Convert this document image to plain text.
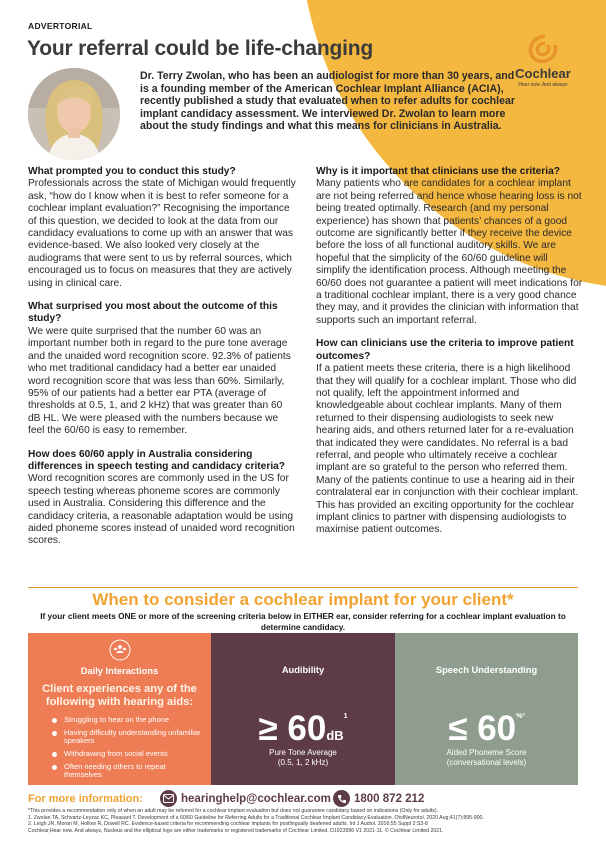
ADVERTORIAL
Your referral could be life-changing
Cochlear
Hear now. And always

Dr. Terry Zwolan, who has been an audiologist for more than 30 years, and is a founding member of the American Cochlear Implant Alliance (ACIA), recently published a study that evaluated when to refer adults for cochlear implant candidacy assessment. We interviewed Dr. Zwolan to learn more about the study findings and what this means for clinicians in Australia.

What prompted you to conduct this study?

Professionals across the state of Michigan would frequently ask, “how do I know when it is best to refer someone for a cochlear implant evaluation?” Recognising the importance of this question, we decided to look at the data from our candidacy evaluations to come up with an answer that was evidence-based. We also looked very closely at the audiograms that were sent to us by referral sources, which encouraged us to focus on measures that they are actively using in clinical care.

What surprised you most about the outcome of this study?

We were quite surprised that the number 60 was an important number both in regard to the pure tone average and the unaided word recognition score. 92.3% of patients who met traditional candidacy had a better ear unaided word recognition score that was less than 60%. Similarly, 95% of our patients had a better ear PTA (average of thresholds at 0.5, 1, and 2 kHz) that was greater than 60 dB HL. We were pleased with the numbers because we feel the 60/60 is easy to remember.

How does 60/60 apply in Australia considering differences in speech testing and candidacy criteria?

Word recognition scores are commonly used in the US for speech testing whereas phoneme scores are commonly used in Australia. Considering this difference and the candidacy criteria, a reasonable adaptation would be using aided phoneme scores instead of unaided word recognition scores.

Why is it important that clinicians use the criteria?

Many patients who are candidates for a cochlear implant are not being referred and hence whose hearing loss is not being treated optimally. Research (and my personal experience) has shown that patients’ chances of a good outcome are significantly better if they receive the device before the loss of all functional auditory skills. We are hopeful that the simplicity of the 60/60 guideline will simplify the identification process. Although meeting the 60/60 does not guarantee a patient will meet indications for a traditional cochlear implant, there is a very good chance they may, and it provides the clinician with information that supports such an important referral.

How can clinicians use the criteria to improve patient outcomes?

If a patient meets these criteria, there is a high likelihood that they will qualify for a cochlear implant. Those who did not qualify, left the appointment informed and knowledgeable about cochlear implants. Many of them returned to their dispensing audiologists to seek new hearing aids, and others returned later for a re-evaluation that indicated they were candidates. No referral is a bad referral, and people who ultimately receive a cochlear implant are so grateful to the person who referred them. Many of the patients continue to use a hearing aid in their contralateral ear in conjunction with their cochlear implant. This has provided an exciting opportunity for the cochlear implant clinics to partner with dispensing audiologists to maximise patient outcomes.

When to consider a cochlear implant for your client*
If your client meets ONE or more of the screening criteria below in EITHER ear, consider referring for a cochlear implant evaluation to determine candidacy.
Daily Interactions
Client experiences any of the following with hearing aids:
Struggling to hear on the phone
Having difficulty understanding unfamiliar speakers
Withdrawing from social events
Often needing others to repeat themselves
Audibility
≥ $60dB^1$
Pure Tone Average
(0.5, 1, 2 kHz)
Speech Understanding
≤ $60^{\%^2}$
Aided Phoneme Score
(conversational levels)
For more information:	hearinghelp@cochlear.com 1800 872 212
*This provides a recommendation only of when an adult may be referred for a cochlear implant evaluation but does not guarantee candidacy based on indications (Only for adults).
1. Zwolan TA, Schvartz-Leyzac KC, Pleasant T. Development of a 60/60 Guideline for Referring Adults for a Traditional Cochlear Implant Candidacy Evaluation. OtolNeurotol. 2020 Aug;41(7):895-900.
2. Leigh JR, Moran M, Hollow R, Dowell RC. Evidence-based criteria for recommending cochlear implants for postlingually deafened adults. Int J Audiol. 2016;55 Suppl 2:S3-8
Cochlear,Hear now. And always, Nucleus and the elliptical logo are either trademarks or registered trademarks of Cochlear Limited. D1923996 V1 2021-11. © Cochlear Limited 2021.
